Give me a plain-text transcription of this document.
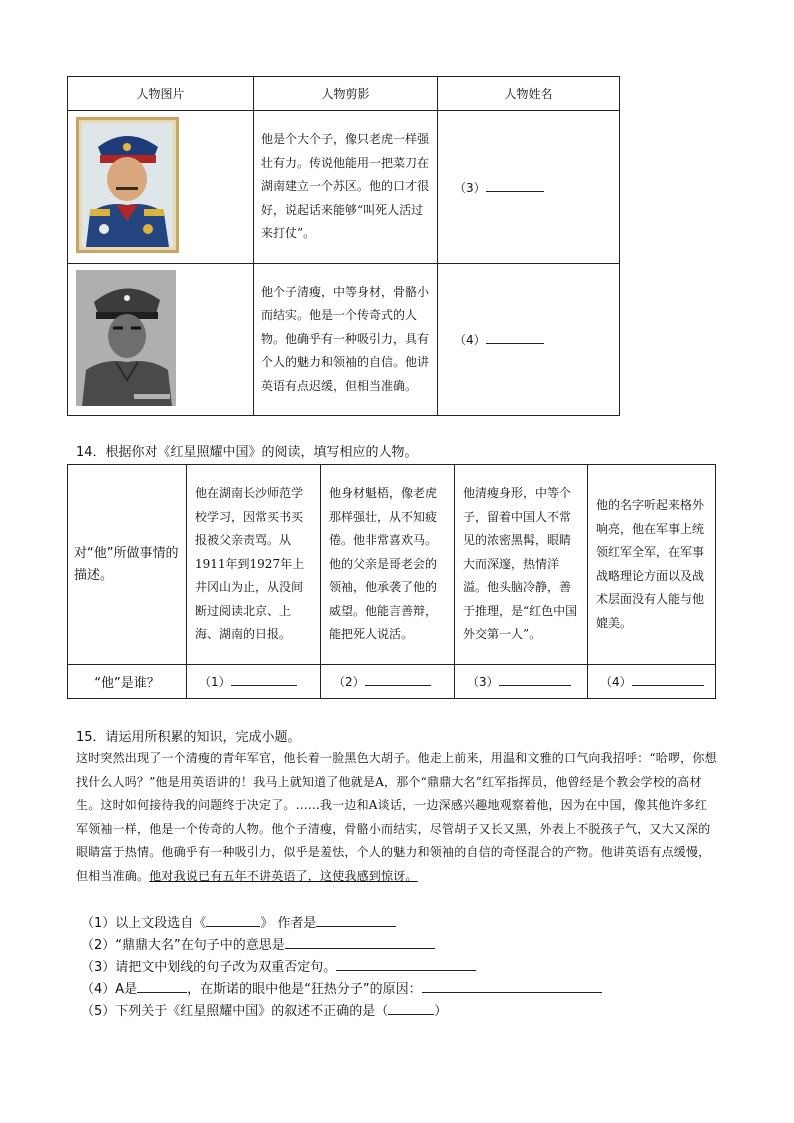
人物图片	人物剪影	人物姓名
	他是个大个子，像只老虎一样强壮有力。传说他能用一把菜刀在湖南建立一个苏区。他的口才很好，说起话来能够“叫死人活过来打仗”。	（3）
	他个子清瘦，中等身材，骨骼小而结实。他是一个传奇式的人物。他确乎有一种吸引力，具有个人的魅力和领袖的自信。他讲英语有点迟缓，但相当准确。	（4）
14．根据你对《红星照耀中国》的阅读，填写相应的人物。
对“他”所做事情的描述。	他在湖南长沙师范学校学习，因常买书买报被父亲责骂。从1911年到1927年上井冈山为止，从没间断过阅读北京、上海、湖南的日报。	他身材魁梧，像老虎那样强壮，从不知疲倦。他非常喜欢马。他的父亲是哥老会的领袖，他承袭了他的威望。他能言善辩，能把死人说活。	他清瘦身形，中等个子，留着中国人不常见的浓密黑髯，眼睛大而深邃，热情洋溢。他头脑冷静，善于推理，是“红色中国外交第一人”。	他的名字听起来格外响亮，他在军事上统领红军全军，在军事战略理论方面以及战术层面没有人能与他媲美。
“他”是谁？	（1）	（2）	（3）	（4）
15．请运用所积累的知识，完成小题。
这时突然出现了一个清瘦的青年军官，他长着一脸黑色大胡子。他走上前来，用温和文雅的口气向我招呼：“哈啰，你想找什么人吗？”他是用英语讲的！我马上就知道了他就是A，那个“鼎鼎大名”红军指挥员，他曾经是个教会学校的高材生。这时如何接待我的问题终于决定了。……我一边和A谈话，一边深感兴趣地观察着他，因为在中国，像其他许多红军领袖一样，他是一个传奇的人物。他个子清瘦，骨骼小而结实，尽管胡子又长又黑，外表上不脱孩子气，又大又深的眼睛富于热情。他确乎有一种吸引力，似乎是羞怯，个人的魅力和领袖的自信的奇怪混合的产物。他讲英语有点缓慢，但相当准确。他对我说已有五年不讲英语了，这使我感到惊讶。
（1）以上文段选自《	》 作者是
（2）“鼎鼎大名”在句子中的意思是
（3）请把文中划线的句子改为双重否定句。
（4）A是	，在斯诺的眼中他是“狂热分子”的原因：
（5）下列关于《红星照耀中国》的叙述不正确的是（	）
